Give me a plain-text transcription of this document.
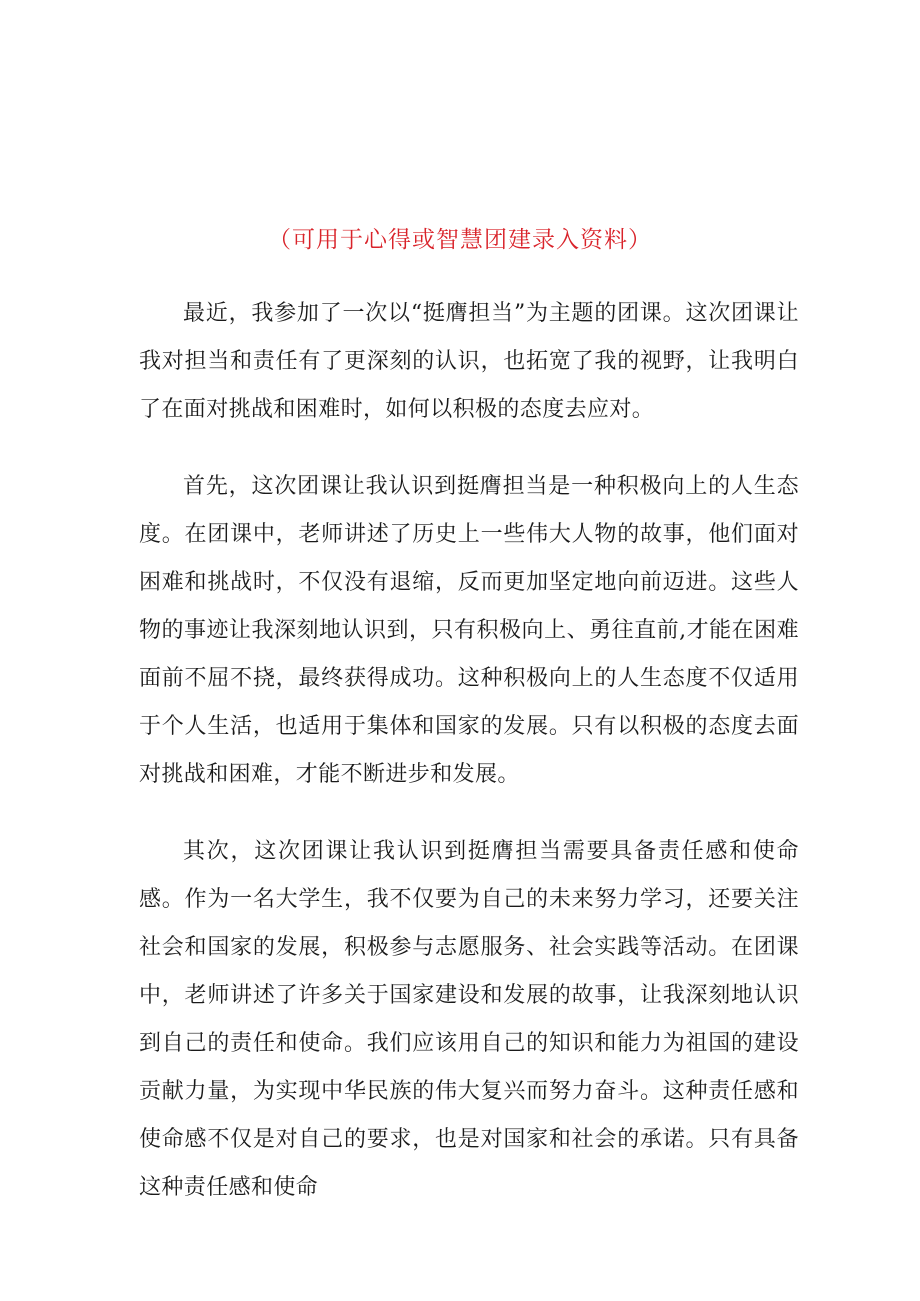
（可用于心得或智慧团建录入资料）

最近，我参加了一次以“挺膺担当”为主题的团课。这次团课让我对担当和责任有了更深刻的认识，也拓宽了我的视野，让我明白了在面对挑战和困难时，如何以积极的态度去应对。

首先，这次团课让我认识到挺膺担当是一种积极向上的人生态度。在团课中，老师讲述了历史上一些伟大人物的故事，他们面对困难和挑战时，不仅没有退缩，反而更加坚定地向前迈进。这些人物的事迹让我深刻地认识到，只有积极向上、勇往直前,才能在困难面前不屈不挠，最终获得成功。这种积极向上的人生态度不仅适用于个人生活，也适用于集体和国家的发展。只有以积极的态度去面对挑战和困难，才能不断进步和发展。

其次，这次团课让我认识到挺膺担当需要具备责任感和使命感。作为一名大学生，我不仅要为自己的未来努力学习，还要关注社会和国家的发展，积极参与志愿服务、社会实践等活动。在团课中，老师讲述了许多关于国家建设和发展的故事，让我深刻地认识到自己的责任和使命。我们应该用自己的知识和能力为祖国的建设贡献力量，为实现中华民族的伟大复兴而努力奋斗。这种责任感和使命感不仅是对自己的要求，也是对国家和社会的承诺。只有具备这种责任感和使命
